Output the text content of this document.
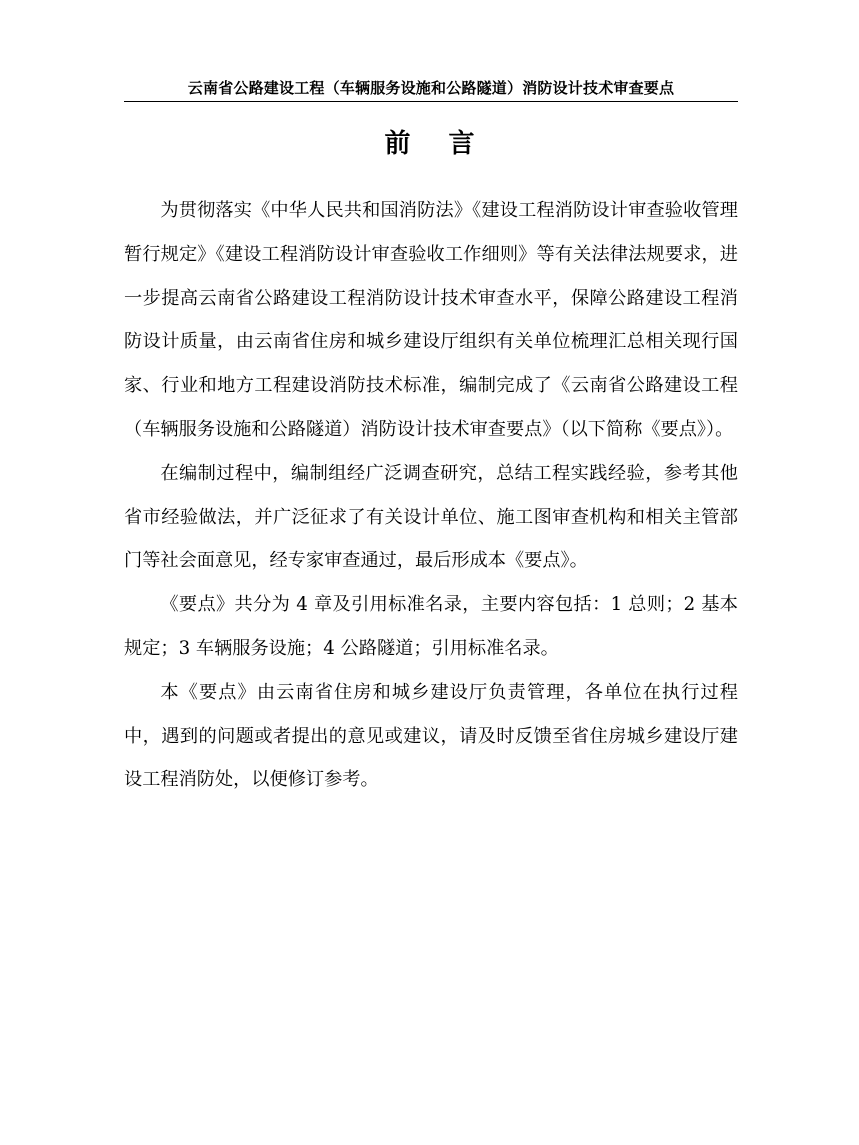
云南省公路建设工程（车辆服务设施和公路隧道）消防设计技术审查要点
前言

为贯彻落实《中华人民共和国消防法》《建设工程消防设计审查验收管理暂行规定》《建设工程消防设计审查验收工作细则》等有关法律法规要求，进一步提高云南省公路建设工程消防设计技术审查水平，保障公路建设工程消防设计质量，由云南省住房和城乡建设厅组织有关单位梳理汇总相关现行国家、行业和地方工程建设消防技术标准，编制完成了《云南省公路建设工程（车辆服务设施和公路隧道）消防设计技术审查要点》（以下简称《要点》）。

在编制过程中，编制组经广泛调查研究，总结工程实践经验，参考其他省市经验做法，并广泛征求了有关设计单位、施工图审查机构和相关主管部门等社会面意见，经专家审查通过，最后形成本《要点》。

《要点》共分为 4 章及引用标准名录，主要内容包括：1 总则；2 基本规定；3 车辆服务设施；4 公路隧道；引用标准名录。

本《要点》由云南省住房和城乡建设厅负责管理，各单位在执行过程中，遇到的问题或者提出的意见或建议，请及时反馈至省住房城乡建设厅建设工程消防处，以便修订参考。
